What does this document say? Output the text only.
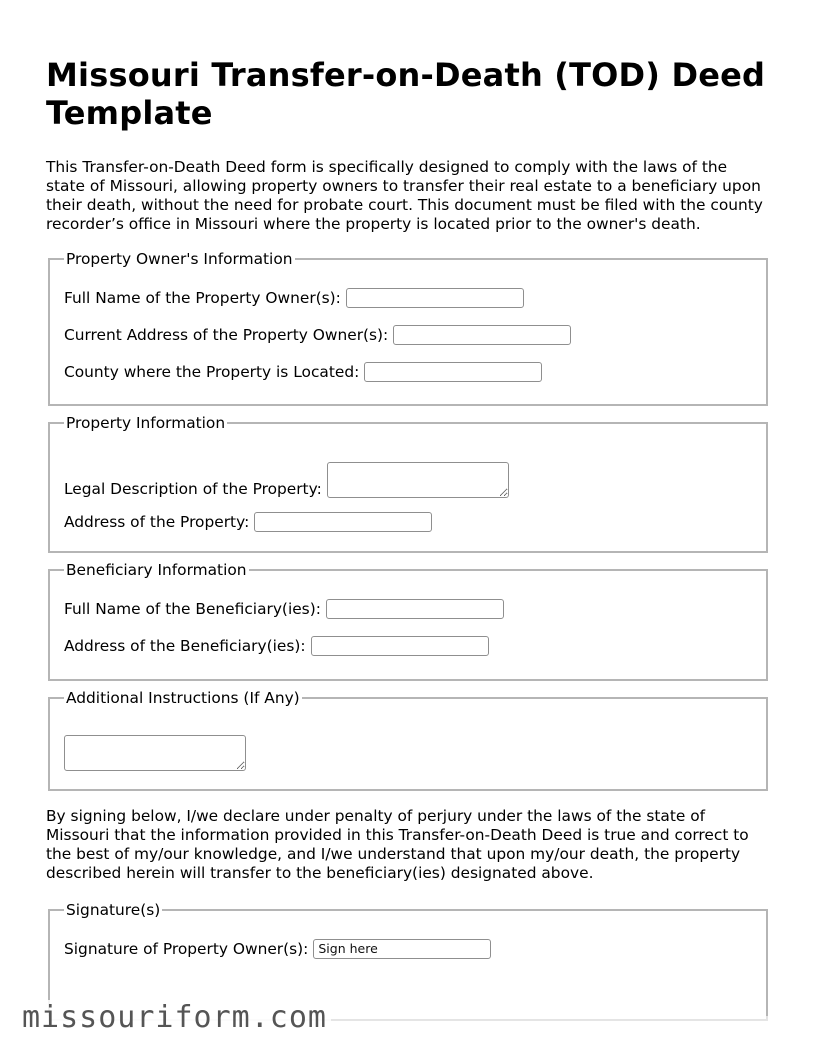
Missouri Transfer-on-Death (TOD) Deed Template

This Transfer-on-Death Deed form is specifically designed to comply with the laws of the state of Missouri, allowing property owners to transfer their real estate to a beneficiary upon their death, without the need for probate court. This document must be filed with the county recorder’s office in Missouri where the property is located prior to the owner's death.

Property Owner's Information
Full Name of the Property Owner(s):
Current Address of the Property Owner(s):
County where the Property is Located:
Property Information
Legal Description of the Property:
Address of the Property:
Beneficiary Information
Full Name of the Beneficiary(ies):
Address of the Beneficiary(ies):
Additional Instructions (If Any)

By signing below, I/we declare under penalty of perjury under the laws of the state of Missouri that the information provided in this Transfer-on-Death Deed is true and correct to the best of my/our knowledge, and I/we understand that upon my/our death, the property described herein will transfer to the beneficiary(ies) designated above.

Signature(s)
Signature of Property Owner(s):
Sign here
missouriform.com
